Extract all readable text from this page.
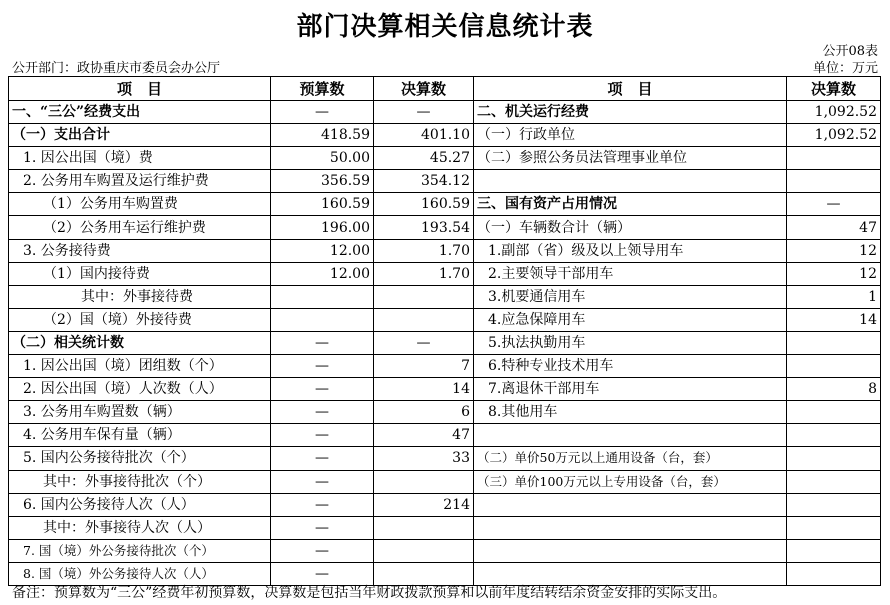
部门决算相关信息统计表
公开08表
公开部门：政协重庆市委员会办公厅	单位：万元
项　目	预算数	决算数	项　目	决算数
一、“三公”经费支出	—	—	二、机关运行经费	1,092.52
（一）支出合计	418.59	401.10	（一）行政单位	1,092.52
1. 因公出国（境）费	50.00	45.27	（二）参照公务员法管理事业单位	
2. 公务用车购置及运行维护费	356.59	354.12		
（1）公务用车购置费	160.59	160.59	三、国有资产占用情况	—
（2）公务用车运行维护费	196.00	193.54	（一）车辆数合计（辆）	47
3. 公务接待费	12.00	1.70	1.副部（省）级及以上领导用车	12
（1）国内接待费	12.00	1.70	2.主要领导干部用车	12
其中：外事接待费			3.机要通信用车	1
（2）国（境）外接待费			4.应急保障用车	14
（二）相关统计数	—	—	5.执法执勤用车	
1. 因公出国（境）团组数（个）	—	7	6.特种专业技术用车	
2. 因公出国（境）人次数（人）	—	14	7.离退休干部用车	8
3. 公务用车购置数（辆）	—	6	8.其他用车	
4. 公务用车保有量（辆）	—	47		
5. 国内公务接待批次（个）	—	33	（二）单价50万元以上通用设备（台，套）	
其中：外事接待批次（个）	—		（三）单价100万元以上专用设备（台，套）	
6. 国内公务接待人次（人）	—	214		
其中：外事接待人次（人）	—			
7. 国（境）外公务接待批次（个）	—			
8. 国（境）外公务接待人次（人）	—			
备注：预算数为“三公”经费年初预算数，决算数是包括当年财政拨款预算和以前年度结转结余资金安排的实际支出。
